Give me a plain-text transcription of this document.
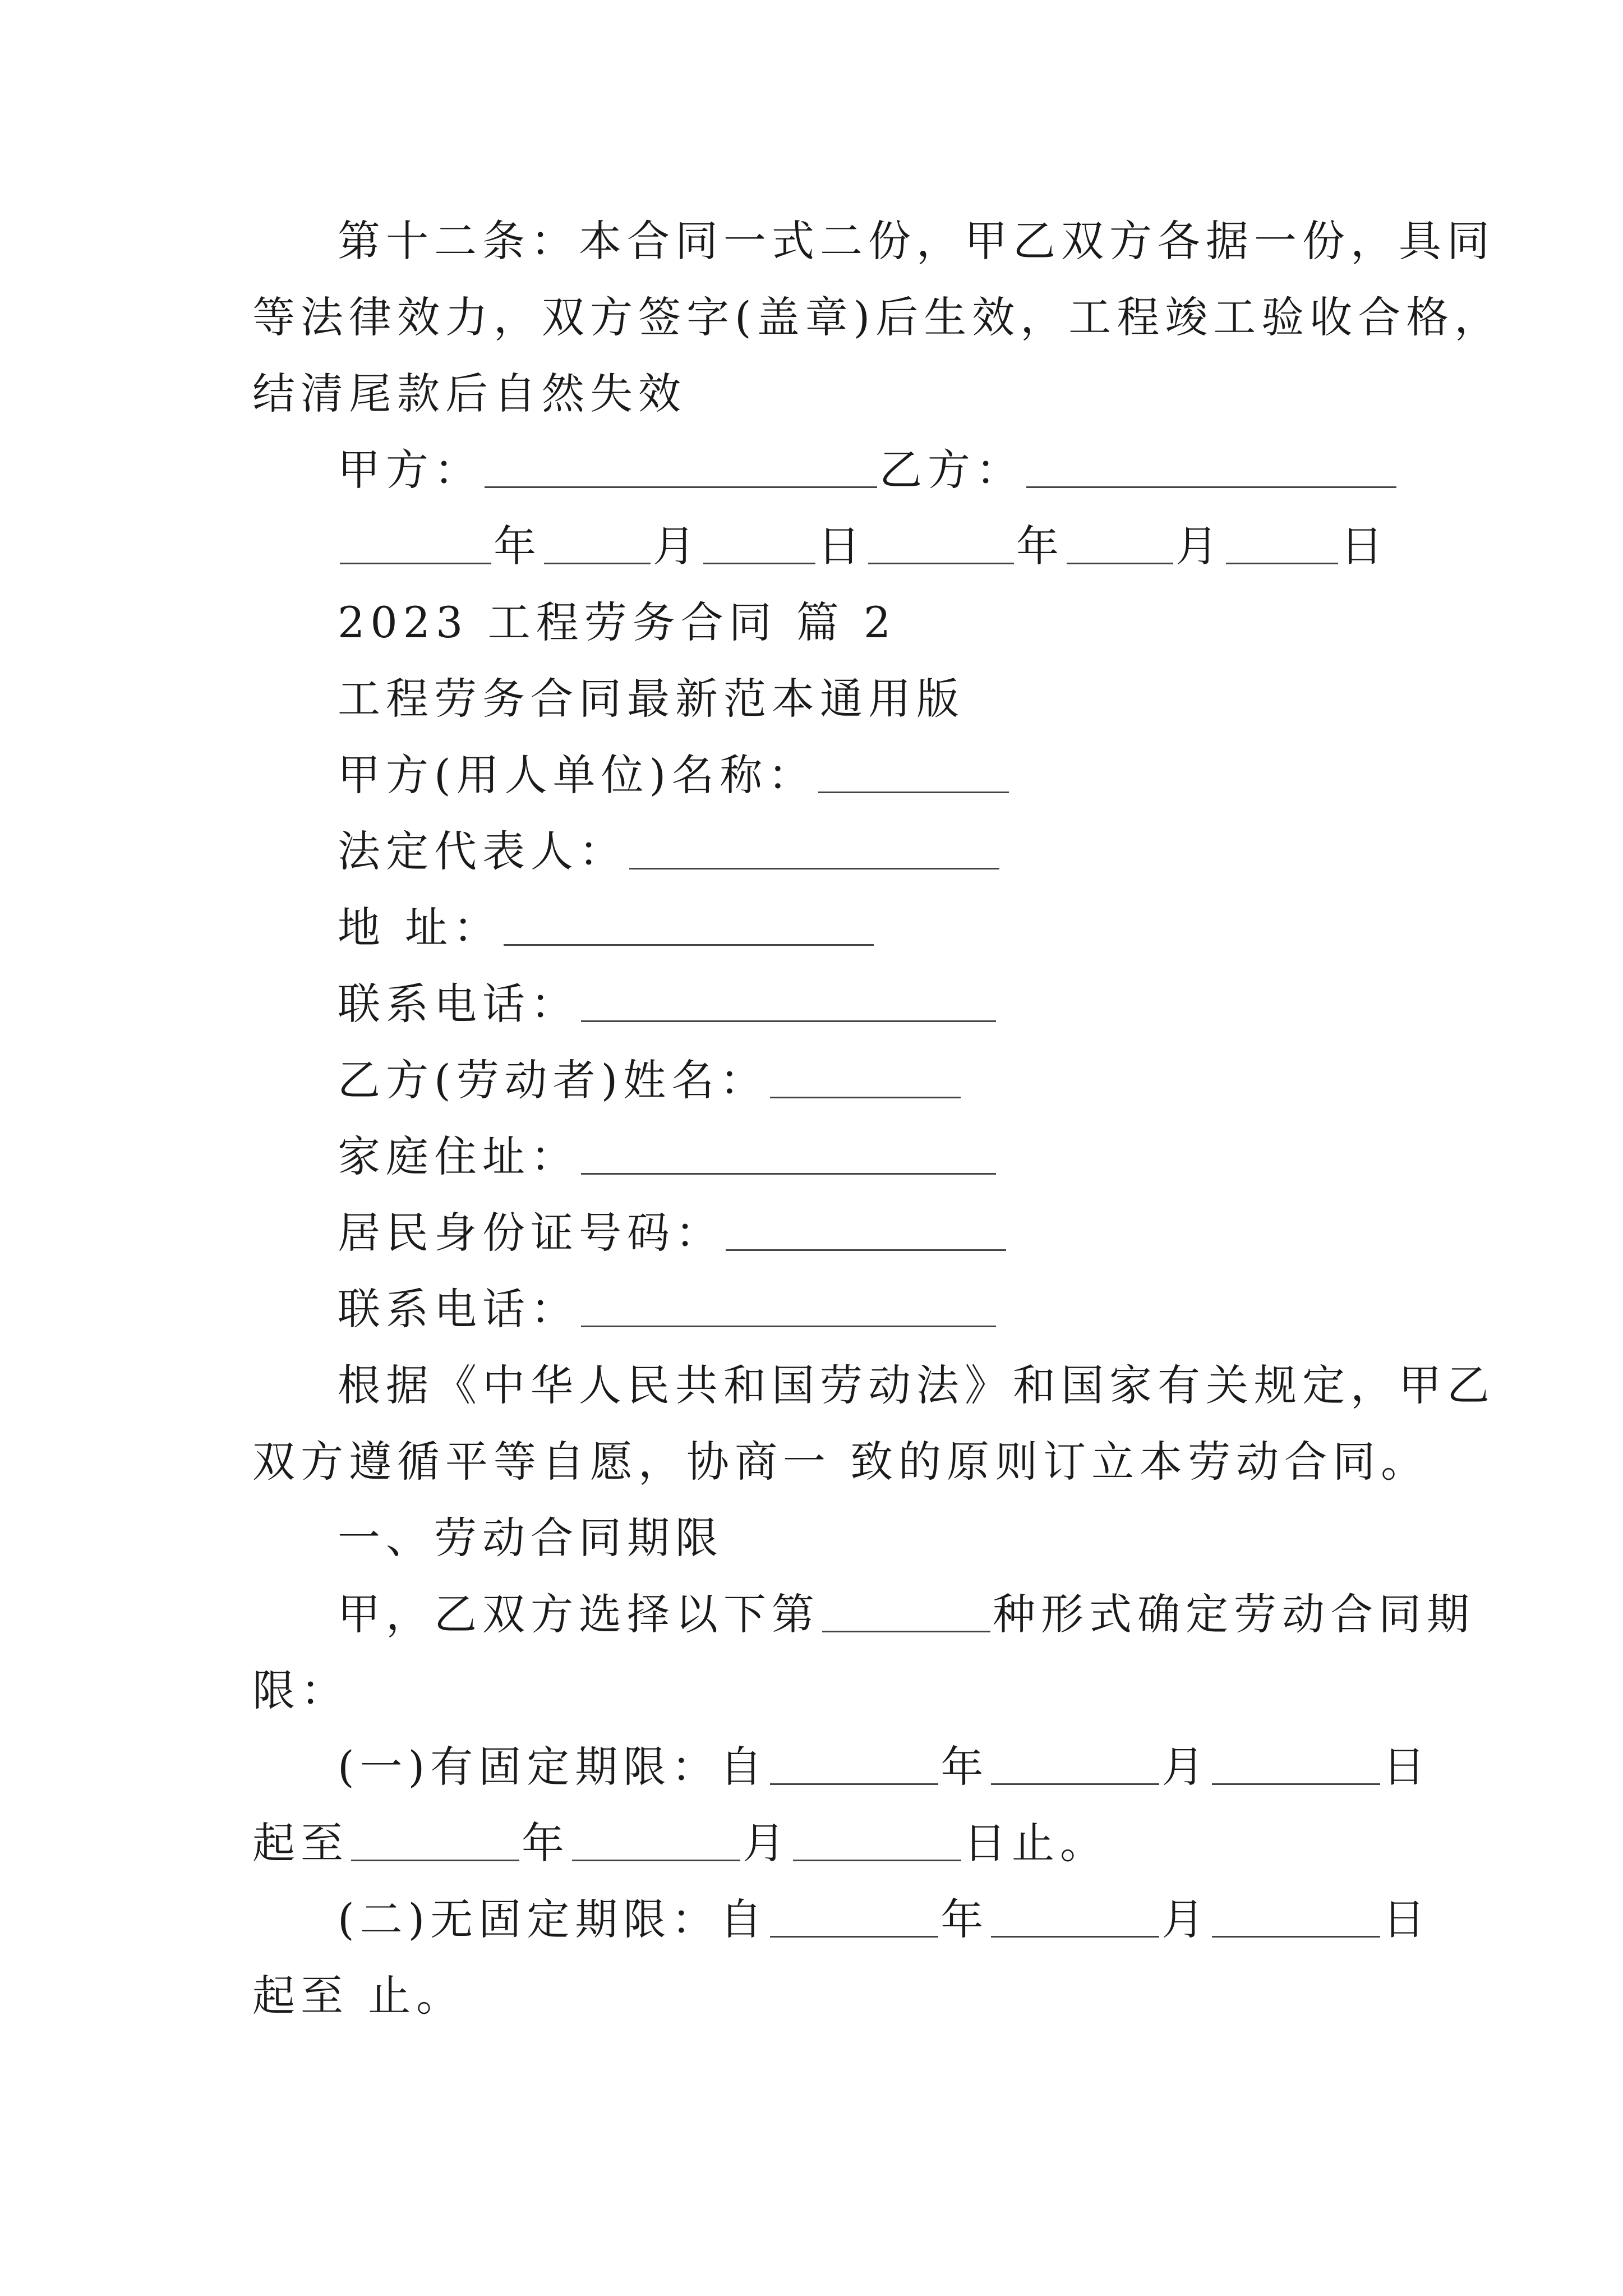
第十二条：本合同一式二份，甲乙双方各据一份，具同
等法律效力，双方签字(盖章)后生效，工程竣工验收合格，
结清尾款后自然失效
甲方：	乙方：
年	月	日	年	月	日
2023 工程劳务合同 篇 2
工程劳务合同最新范本通用版
甲方(用人单位)名称：
法定代表人：
地 址：
联系电话：
乙方(劳动者)姓名：
家庭住址：
居民身份证号码：
联系电话：
根据《中华人民共和国劳动法》和国家有关规定，甲乙
双方遵循平等自愿，协商一 致的原则订立本劳动合同。
一、劳动合同期限
甲，乙双方选择以下第	种形式确定劳动合同期
限：
(一)有固定期限：自	年	月	日
起至	年	月	日止。
(二)无固定期限：自	年	月	日
起至 止。
